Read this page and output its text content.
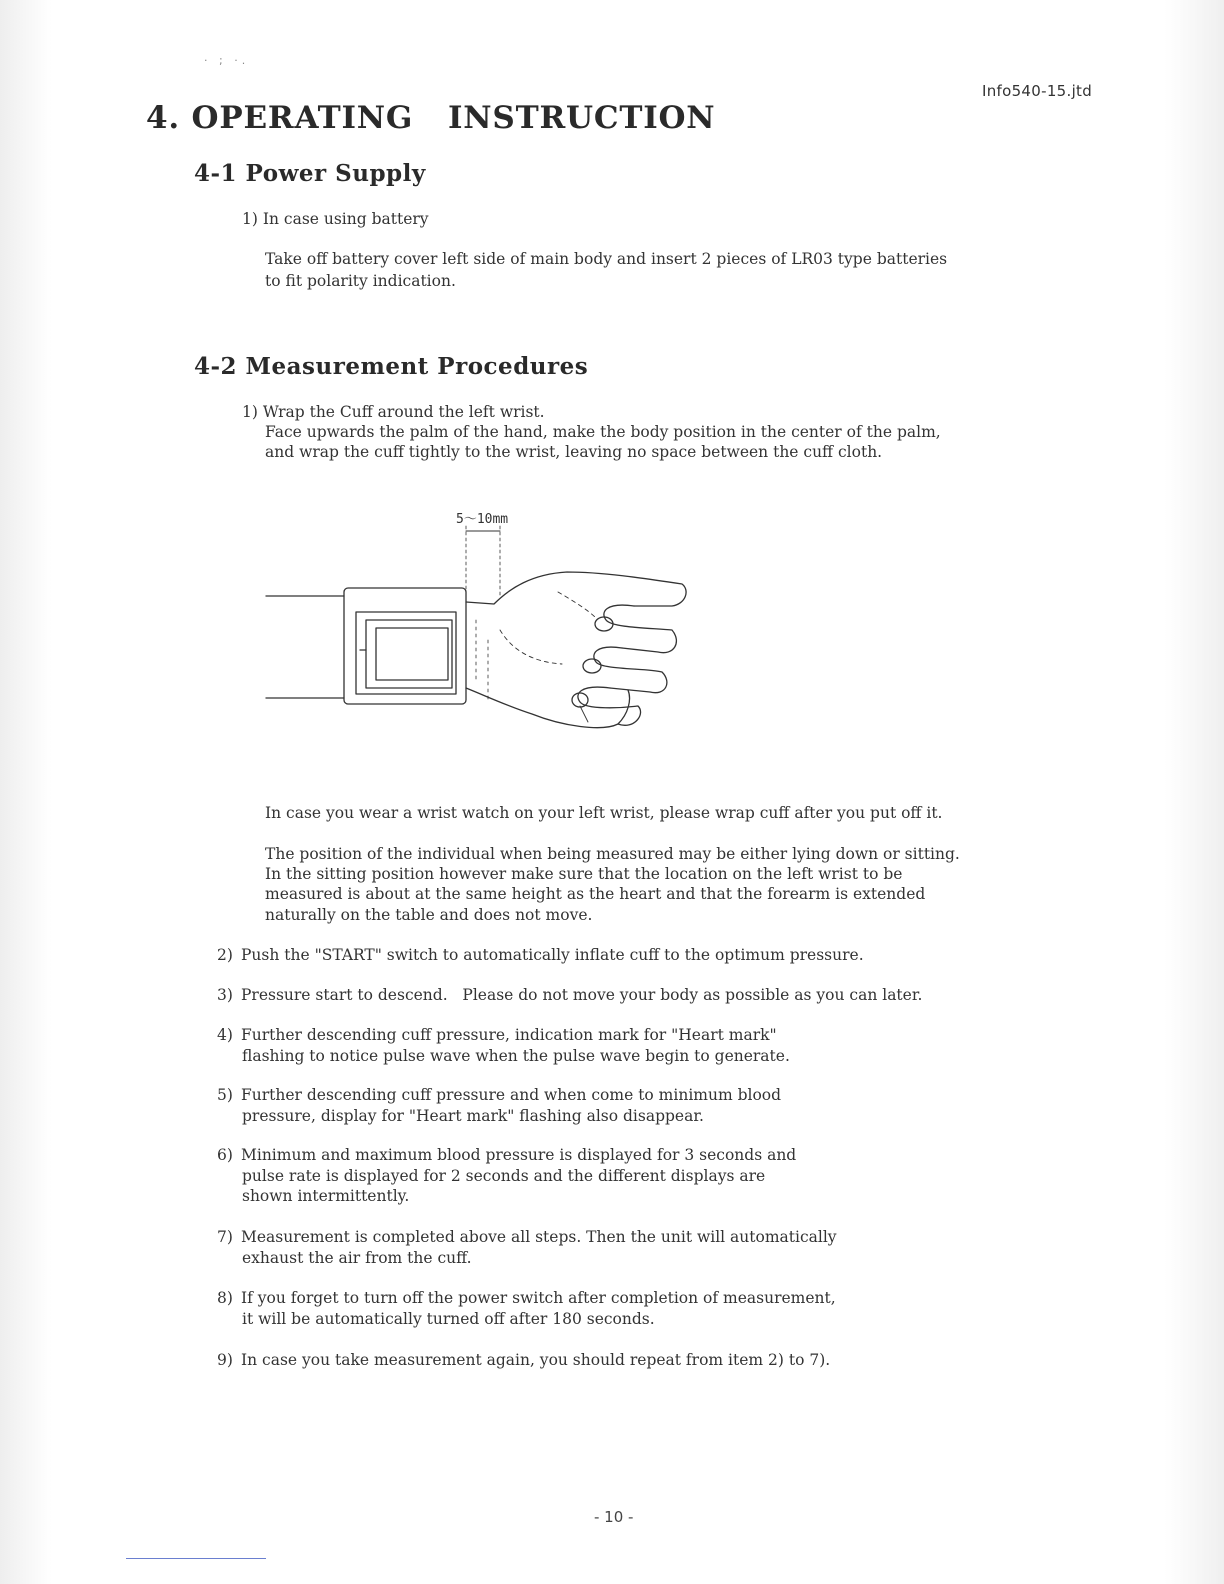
· ; ·.
Info540-15.jtd
4. OPERATING   INSTRUCTION
4-1 Power Supply

1) In case using battery

Take off battery cover left side of main body and insert 2 pieces of LR03 type batteries

to fit polarity indication.

4-2 Measurement Procedures

1) Wrap the Cuff around the left wrist.

Face upwards the palm of the hand, make the body position in the center of the palm,

and wrap the cuff tightly to the wrist, leaving no space between the cuff cloth.

5～10mm

In case you wear a wrist watch on your left wrist, please wrap cuff after you put off it.

The position of the individual when being measured may be either lying down or sitting.

In the sitting position however make sure that the location on the left wrist to be

measured is about at the same height as the heart and that the forearm is extended

naturally on the table and does not move.

2) Push the "START" switch to automatically inflate cuff to the optimum pressure.

3) Pressure start to descend.   Please do not move your body as possible as you can later.

4) Further descending cuff pressure, indication mark for "Heart mark"
flashing to notice pulse wave when the pulse wave begin to generate.

5) Further descending cuff pressure and when come to minimum blood
pressure, display for "Heart mark" flashing also disappear.

6) Minimum and maximum blood pressure is displayed for 3 seconds and
pulse rate is displayed for 2 seconds and the different displays are
shown intermittently.

7) Measurement is completed above all steps. Then the unit will automatically
exhaust the air from the cuff.

8) If you forget to turn off the power switch after completion of measurement,
it will be automatically turned off after 180 seconds.

9) In case you take measurement again, you should repeat from item 2) to 7).

- 10 -
